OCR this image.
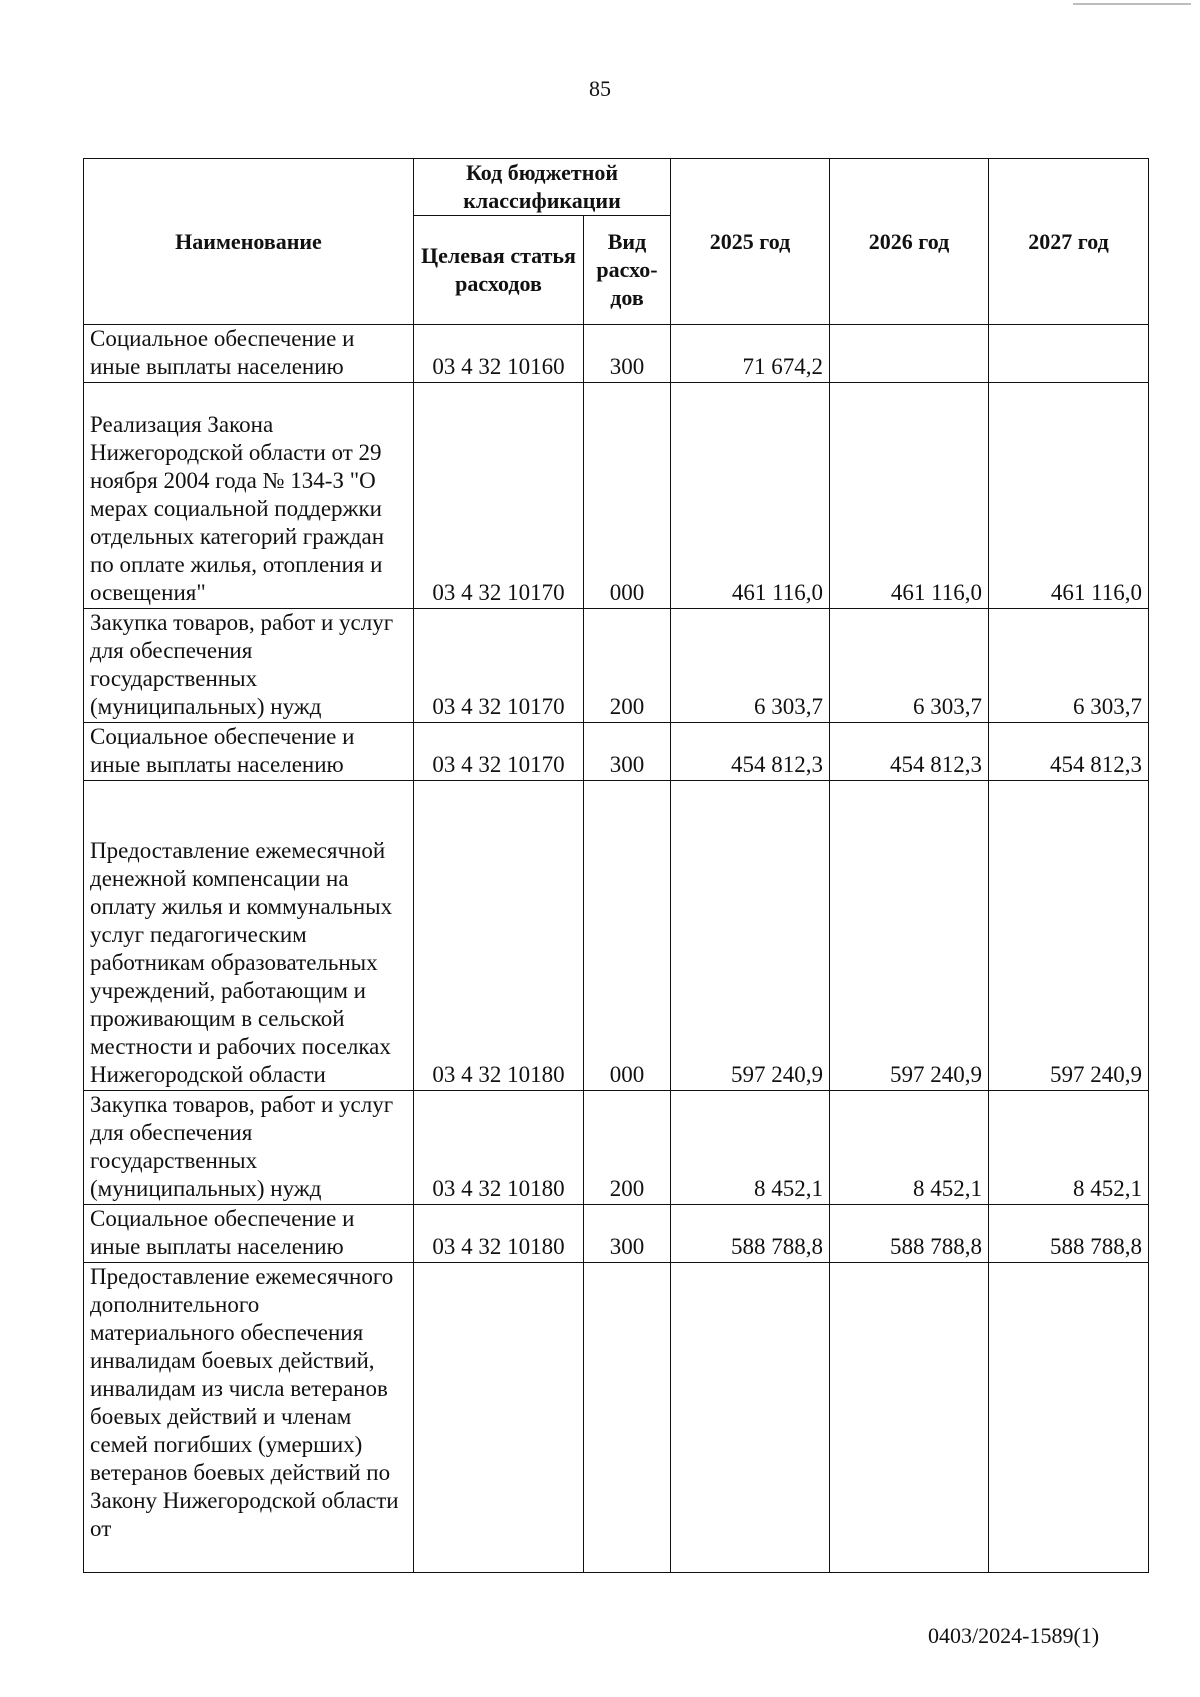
85
Наименование	Код бюджетной классификации		2025 год	2026 год	2027 год
	Целевая статья расходов	Вид расхо-дов			
Социальное обеспечение и иные выплаты населению	03 4 32 10160	300	71 674,2		
Реализация Закона Нижегородской области от 29 ноября 2004 года № 134-З "О мерах социальной поддержки отдельных категорий граждан по оплате жилья, отопления и освещения"	03 4 32 10170	000	461 116,0	461 116,0	461 116,0
Закупка товаров, работ и услуг для обеспечения государственных (муниципальных) нужд	03 4 32 10170	200	6 303,7	6 303,7	6 303,7
Социальное обеспечение и иные выплаты населению	03 4 32 10170	300	454 812,3	454 812,3	454 812,3
Предоставление ежемесячной денежной компенсации на оплату жилья и коммунальных услуг педагогическим работникам образовательных учреждений, работающим и проживающим в сельской местности и рабочих поселках Нижегородской области	03 4 32 10180	000	597 240,9	597 240,9	597 240,9
Закупка товаров, работ и услуг для обеспечения государственных (муниципальных) нужд	03 4 32 10180	200	8 452,1	8 452,1	8 452,1
Социальное обеспечение и иные выплаты населению	03 4 32 10180	300	588 788,8	588 788,8	588 788,8
Предоставление ежемесячного дополнительного материального обеспечения инвалидам боевых действий, инвалидам из числа ветеранов боевых действий и членам семей погибших (умерших) ветеранов боевых действий по Закону Нижегородской области от					
0403/2024-1589(1)
